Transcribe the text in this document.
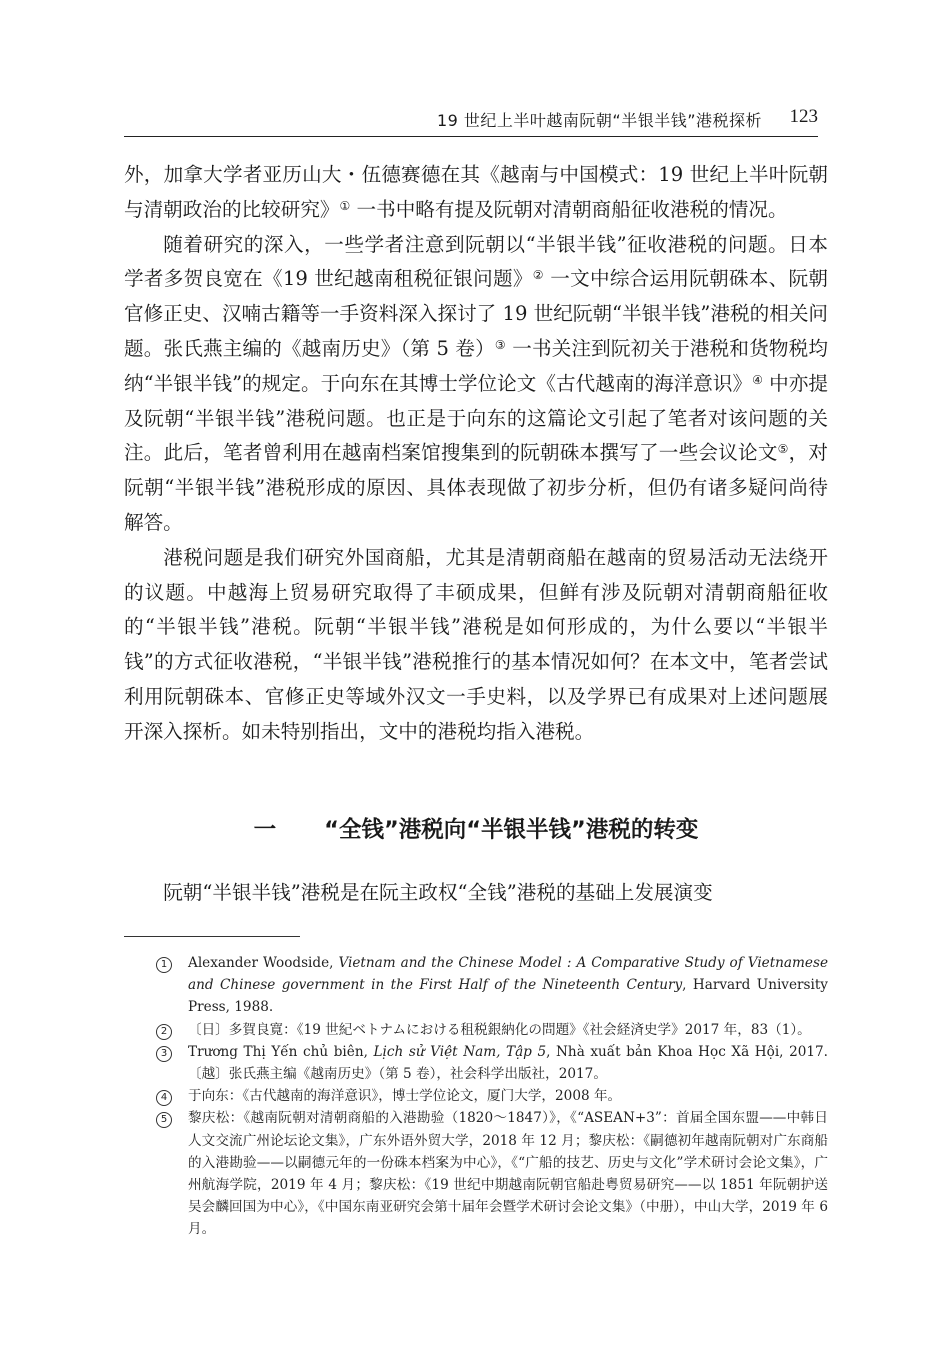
19 世纪上半叶越南阮朝“半银半钱”港税探析 123

外，加拿大学者亚历山大・伍德赛德在其《越南与中国模式：19 世纪上半叶阮朝与清朝政治的比较研究》① 一书中略有提及阮朝对清朝商船征收港税的情况。

随着研究的深入，一些学者注意到阮朝以“半银半钱”征收港税的问题。日本学者多贺良宽在《19 世纪越南租税征银问题》② 一文中综合运用阮朝硃本、阮朝官修正史、汉喃古籍等一手资料深入探讨了 19 世纪阮朝“半银半钱”港税的相关问题。张氏燕主编的《越南历史》（第 5 卷）③ 一书关注到阮初关于港税和货物税均纳“半银半钱”的规定。于向东在其博士学位论文《古代越南的海洋意识》④ 中亦提及阮朝“半银半钱”港税问题。也正是于向东的这篇论文引起了笔者对该问题的关注。此后，笔者曾利用在越南档案馆搜集到的阮朝硃本撰写了一些会议论文⑤，对阮朝“半银半钱”港税形成的原因、具体表现做了初步分析，但仍有诸多疑问尚待解答。

港税问题是我们研究外国商船，尤其是清朝商船在越南的贸易活动无法绕开的议题。中越海上贸易研究取得了丰硕成果，但鲜有涉及阮朝对清朝商船征收的“半银半钱”港税。阮朝“半银半钱”港税是如何形成的，为什么要以“半银半钱”的方式征收港税，“半银半钱”港税推行的基本情况如何？在本文中，笔者尝试利用阮朝硃本、官修正史等域外汉文一手史料，以及学界已有成果对上述问题展开深入探析。如未特别指出，文中的港税均指入港税。

一 “全钱”港税向“半银半钱”港税的转变
阮朝“半银半钱”港税是在阮主政权“全钱”港税的基础上发展演变
1	Alexander Woodside, Vietnam and the Chinese Model : A Comparative Study of Vietnamese and Chinese government in the First Half of the Nineteenth Century, Harvard University Press, 1988.
2	〔日〕多賀良寛：《19 世紀ベトナムにおける租税銀納化の問題》《社会経済史学》2017 年，83（1）。
3	Trương Thị Yến chủ biên, Lịch sử Việt Nam, Tập 5, Nhà xuất bản Khoa Học Xã Hội, 2017.〔越〕张氏燕主编《越南历史》（第 5 卷），社会科学出版社，2017。
4	于向东：《古代越南的海洋意识》，博士学位论文，厦门大学，2008 年。
5	黎庆松：《越南阮朝对清朝商船的入港勘验（1820～1847）》，《“ASEAN+3”：首届全国东盟——中韩日人文交流广州论坛论文集》，广东外语外贸大学，2018 年 12 月；黎庆松：《嗣德初年越南阮朝对广东商船的入港勘验——以嗣德元年的一份硃本档案为中心》，《“广船的技艺、历史与文化”学术研讨会论文集》，广州航海学院，2019 年 4 月；黎庆松：《19 世纪中期越南阮朝官船赴粤贸易研究——以 1851 年阮朝护送吴会麟回国为中心》，《中国东南亚研究会第十届年会暨学术研讨会论文集》（中册），中山大学，2019 年 6 月。
